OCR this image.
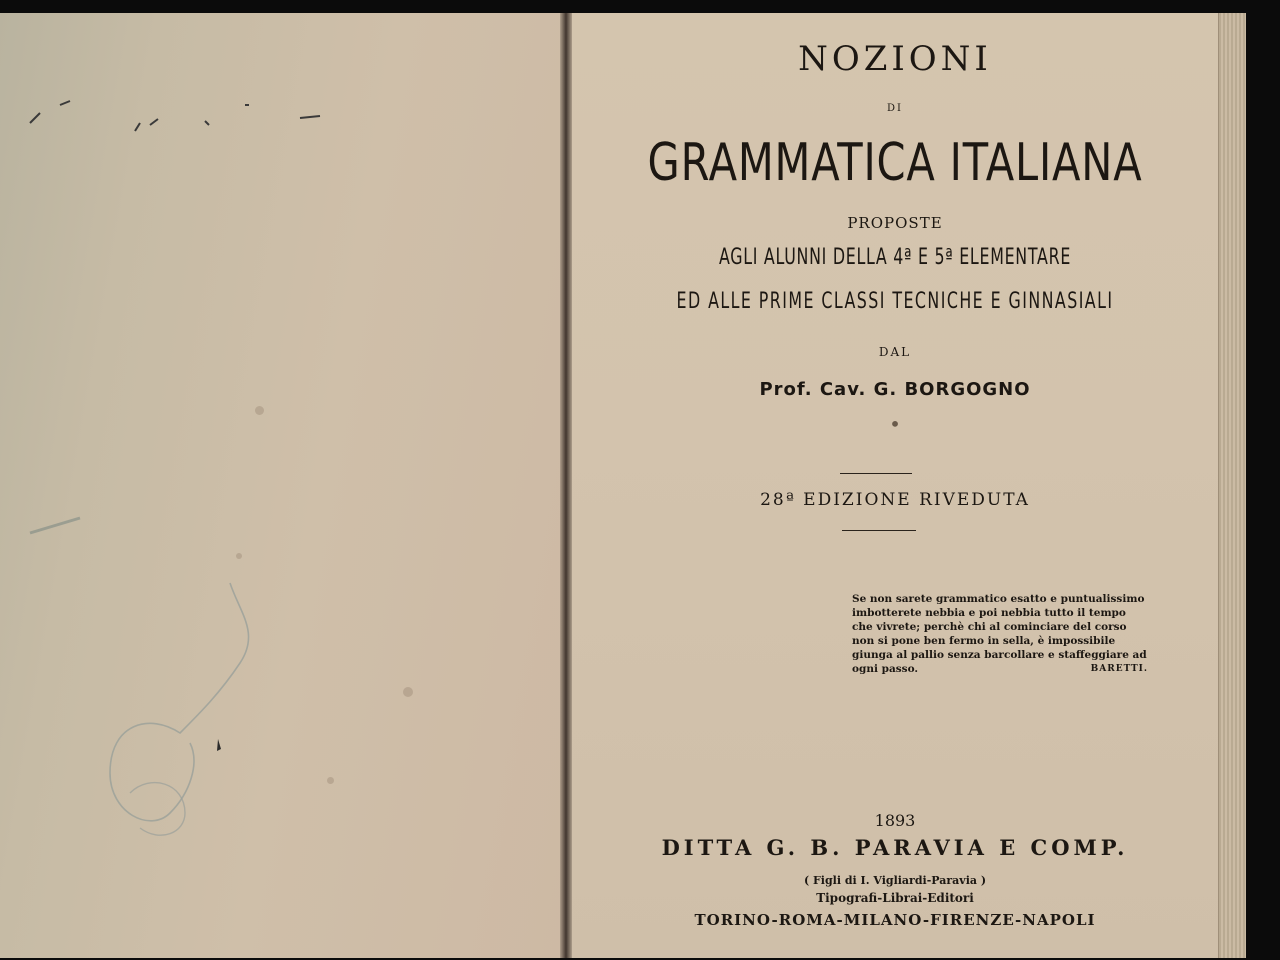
NOZIONI

DI

GRAMMATICA ITALIANA

PROPOSTE

AGLI ALUNNI DELLA 4ª E 5ª ELEMENTARE

ED ALLE PRIME CLASSI TECNICHE E GINNASIALI

DAL

Prof. Cav. G. BORGOGNO

•

28ª EDIZIONE RIVEDUTA

Se non sarete grammatico esatto e puntualissimo imbotterete nebbia e poi nebbia tutto il tempo che vivrete; perchè chi al cominciare del corso non si pone ben fermo in sella, è impossibile giunga al pallio senza barcollare e staffeggiare ad ogni passo.	BARETTI.

1893

DITTA G. B. PARAVIA E COMP.

( Figli di I. Vigliardi-Paravia )

Tipografi-Librai-Editori

TORINO-ROMA-MILANO-FIRENZE-NAPOLI
